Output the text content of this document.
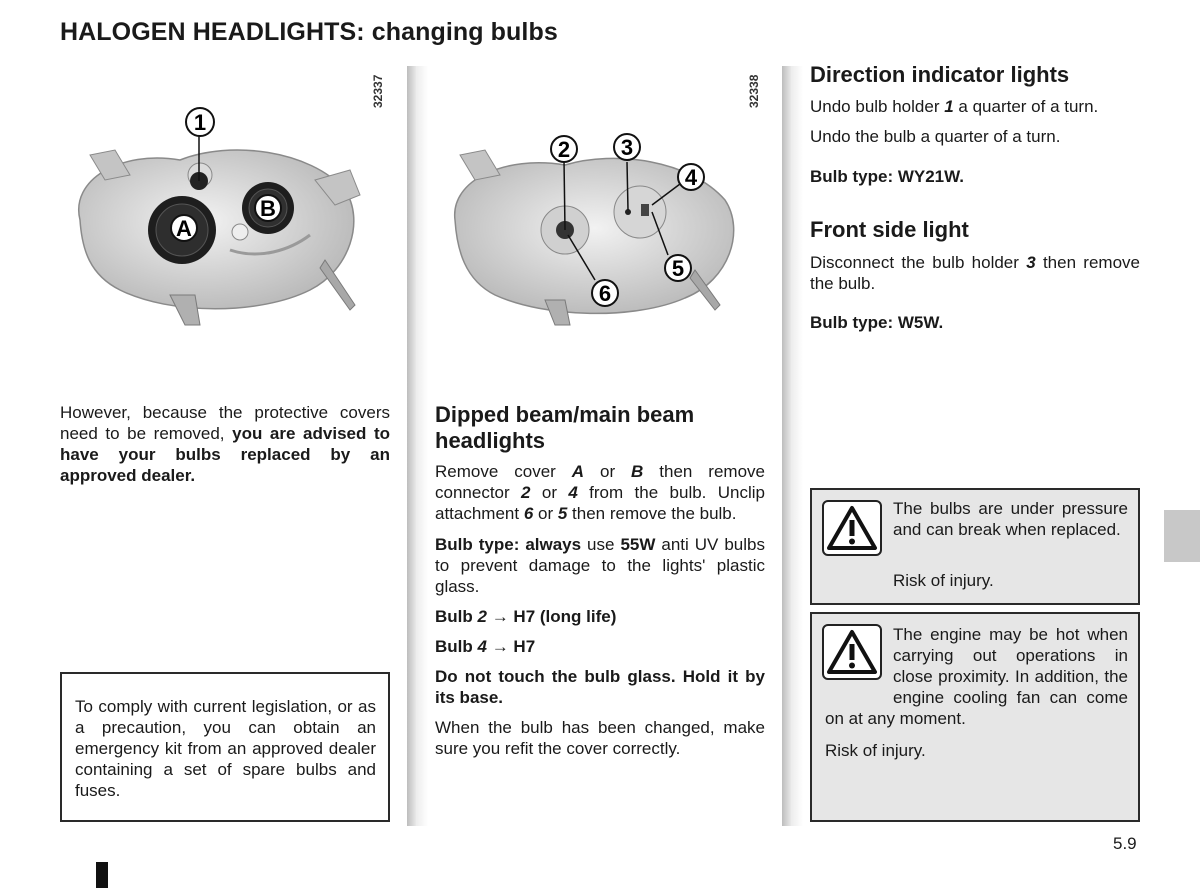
HALOGEN HEADLIGHTS: changing bulbs
32337	32338
1
A
B
2 3
4
5
6

However, because the protective covers need to be removed, you are advised to have your bulbs replaced by an approved dealer.

To comply with current legislation, or as a precaution, you can obtain an emergency kit from an approved dealer containing a set of spare bulbs and fuses.

Dipped beam/main beam headlights

Remove cover A or B then remove connector 2 or 4 from the bulb. Unclip attachment 6 or 5 then remove the bulb.

Bulb type: always use 55W anti UV bulbs to prevent damage to the lights' plastic glass.

Bulb 2 → H7 (long life)

Bulb 4 → H7

Do not touch the bulb glass. Hold it by its base.

When the bulb has been changed, make sure you refit the cover correctly.

Direction indicator lights

Undo bulb holder 1 a quarter of a turn.

Undo the bulb a quarter of a turn.

Bulb type: WY21W.

Front side light

Disconnect the bulb holder 3 then remove the bulb.

Bulb type: W5W.

The bulbs are under pressure and can break when replaced.

Risk of injury.

The engine may be hot when carrying out operations in close proximity. In addition, the engine cooling fan can come on at any moment.

Risk of injury.

5.9
